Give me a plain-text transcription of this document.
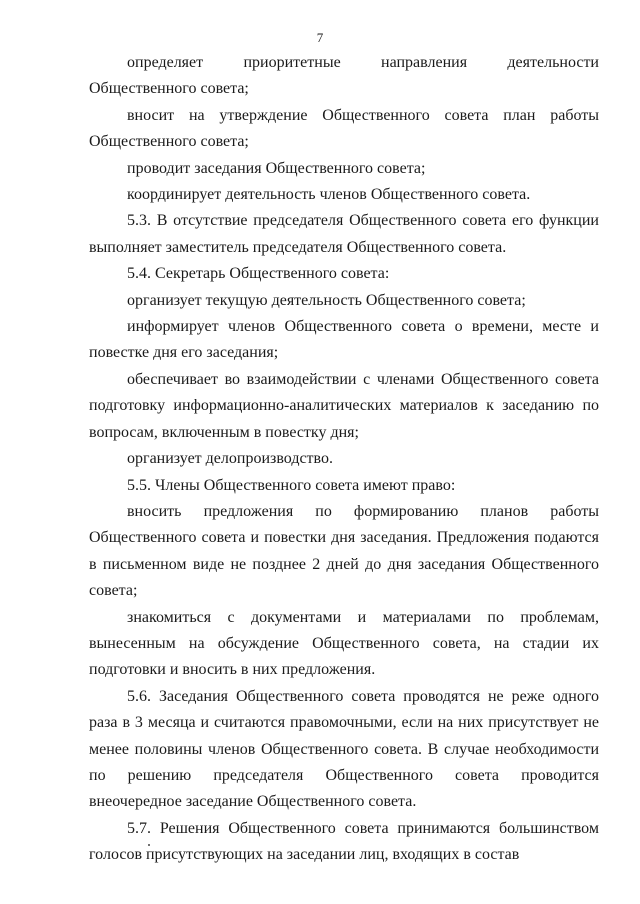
7

определяет приоритетные направления деятельности Общественного совета;

вносит на утверждение Общественного совета план работы Общественного совета;

проводит заседания Общественного совета;

координирует деятельность членов Общественного совета.

5.3. В отсутствие председателя Общественного совета его функции выполняет заместитель председателя Общественного совета.

5.4. Секретарь Общественного совета:

организует текущую деятельность Общественного совета;

информирует членов Общественного совета о времени, месте и повестке дня его заседания;

обеспечивает во взаимодействии с членами Общественного совета подготовку информационно-аналитических материалов к заседанию по вопросам, включенным в повестку дня;

организует делопроизводство.

5.5. Члены Общественного совета имеют право:

вносить предложения по формированию планов работы Общественного совета и повестки дня заседания. Предложения подаются в письменном виде не позднее 2 дней до дня заседания Общественного совета;

знакомиться с документами и материалами по проблемам, вынесенным на обсуждение Общественного совета, на стадии их подготовки и вносить в них предложения.

5.6. Заседания Общественного совета проводятся не реже одного раза в 3 месяца и считаются правомочными, если на них присутствует не менее половины членов Общественного совета. В случае необходимости по решению председателя Общественного совета проводится внеочередное заседание Общественного совета.

5.7. Решения Общественного совета принимаются большинством голосов присутствующих на заседании лиц, входящих в состав
